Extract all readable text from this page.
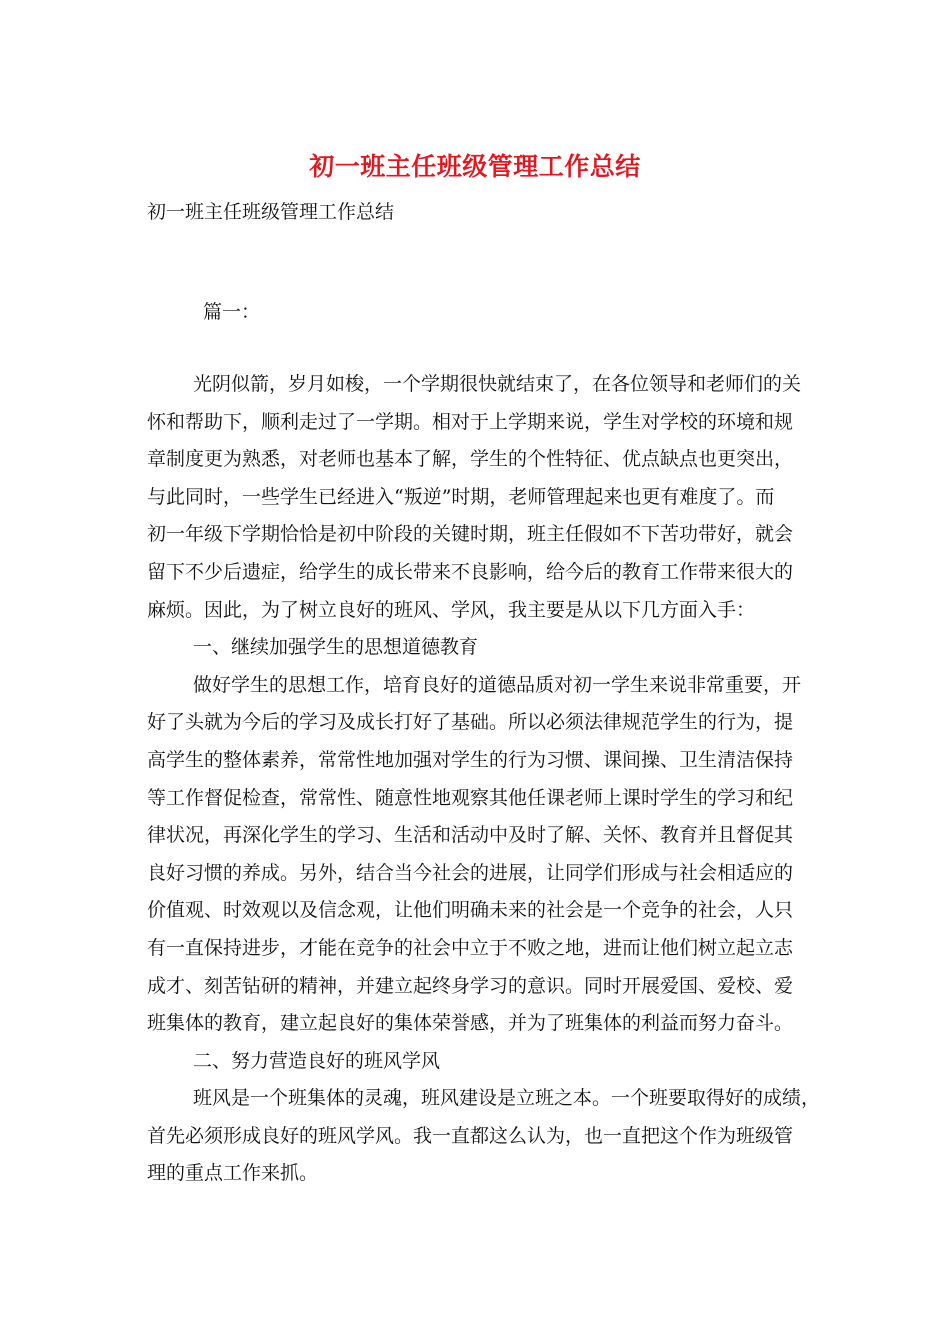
初一班主任班级管理工作总结
初一班主任班级管理工作总结
篇一：
光阴似箭，岁月如梭，一个学期很快就结束了，在各位领导和老师们的关
怀和帮助下，顺利走过了一学期。相对于上学期来说，学生对学校的环境和规
章制度更为熟悉，对老师也基本了解，学生的个性特征、优点缺点也更突出，
与此同时，一些学生已经进入“叛逆”时期，老师管理起来也更有难度了。而
初一年级下学期恰恰是初中阶段的关键时期，班主任假如不下苦功带好，就会
留下不少后遗症，给学生的成长带来不良影响，给今后的教育工作带来很大的
麻烦。因此，为了树立良好的班风、学风，我主要是从以下几方面入手：
一、继续加强学生的思想道德教育
做好学生的思想工作，培育良好的道德品质对初一学生来说非常重要，开
好了头就为今后的学习及成长打好了基础。所以必须法律规范学生的行为，提
高学生的整体素养，常常性地加强对学生的行为习惯、课间操、卫生清洁保持
等工作督促检查，常常性、随意性地观察其他任课老师上课时学生的学习和纪
律状况，再深化学生的学习、生活和活动中及时了解、关怀、教育并且督促其
良好习惯的养成。另外，结合当今社会的进展，让同学们形成与社会相适应的
价值观、时效观以及信念观，让他们明确未来的社会是一个竞争的社会，人只
有一直保持进步，才能在竞争的社会中立于不败之地，进而让他们树立起立志
成才、刻苦钻研的精神，并建立起终身学习的意识。同时开展爱国、爱校、爱
班集体的教育，建立起良好的集体荣誉感，并为了班集体的利益而努力奋斗。
二、努力营造良好的班风学风
班风是一个班集体的灵魂，班风建设是立班之本。一个班要取得好的成绩，
首先必须形成良好的班风学风。我一直都这么认为，也一直把这个作为班级管
理的重点工作来抓。
